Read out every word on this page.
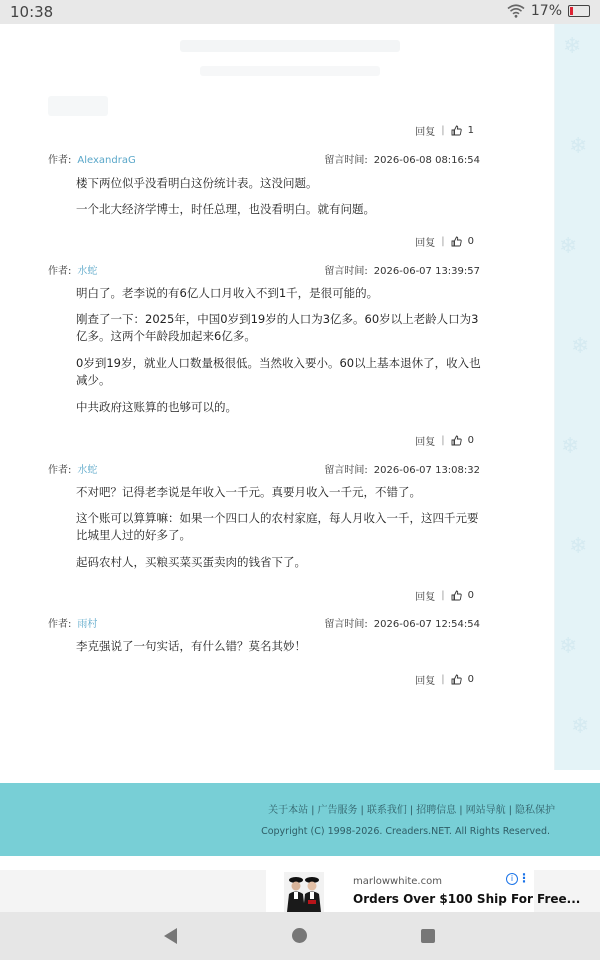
10:38	17%
❄
❄
❄
❄
❄
❄
❄
❄
回复 | 1
作者: AlexandraG	留言时间: 2026-06-08 08:16:54
楼下两位似乎没看明白这份统计表。这没问题。
一个北大经济学博士，时任总理，也没看明白。就有问题。
回复 | 0
作者: 水蛇	留言时间: 2026-06-07 13:39:57
明白了。老李说的有6亿人口月收入不到1千，是很可能的。
刚查了一下：2025年，中国0岁到19岁的人口为3亿多。60岁以上老龄人口为3亿多。这两个年龄段加起来6亿多。
0岁到19岁，就业人口数量极很低。当然收入要小。60以上基本退休了，收入也减少。
中共政府这账算的也够可以的。
回复 | 0
作者: 水蛇	留言时间: 2026-06-07 13:08:32
不对吧？记得老李说是年收入一千元。真要月收入一千元，不错了。
这个账可以算算嘛：如果一个四口人的农村家庭，每人月收入一千，这四千元要比城里人过的好多了。
起码农村人，买粮买菜买蛋卖肉的钱省下了。
回复 | 0
作者: 雨村	留言时间: 2026-06-07 12:54:54
李克强说了一句实话，有什么错？莫名其妙！
回复 | 0
关于本站 | 广告服务 | 联系我们 | 招聘信息 | 网站导航 | 隐私保护
Copyright (C) 1998-2026. Creaders.NET. All Rights Reserved.
marlowwhite.com
Orders Over $100 Ship For Free...
i ⋮
